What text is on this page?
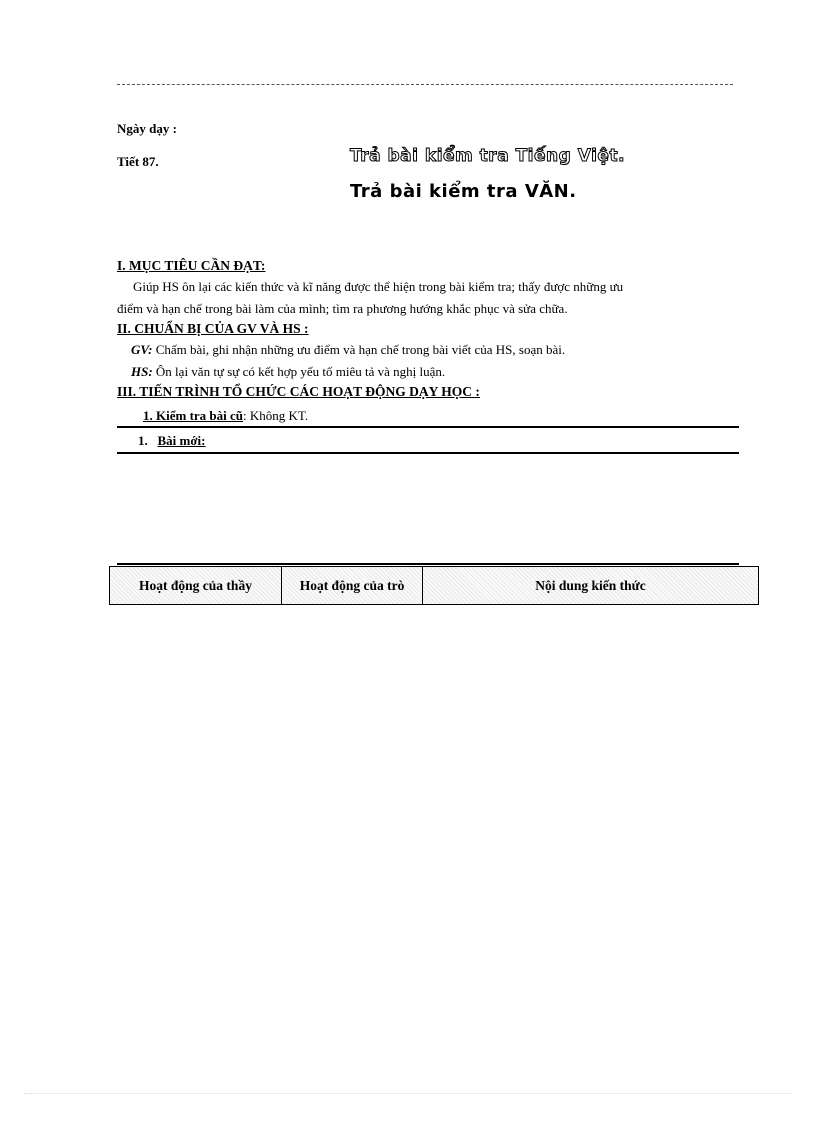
Ngày dạy :
Tiết 87.	Trả bài kiểm tra Tiếng Việt.
Trả bài kiểm tra VĂN.
I. MỤC TIÊU CẦN ĐẠT:
Giúp HS ôn lại các kiến thức và kĩ năng được thể hiện trong bài kiểm tra; thấy được những ưu
điểm và hạn chế trong bài làm của mình; tìm ra phương hướng khắc phục và sửa chữa.
II. CHUẨN BỊ CỦA GV VÀ HS :
GV: Chấm bài, ghi nhận những ưu điểm và hạn chế trong bài viết của HS, soạn bài.
HS: Ôn lại văn tự sự có kết hợp yếu tố miêu tả và nghị luận.
III. TIẾN TRÌNH TỔ CHỨC CÁC HOẠT ĐỘNG DẠY HỌC :
1. Kiểm tra bài cũ: Không KT.
1. Bài mới:
Hoạt động của thầy	Hoạt động của trò	Nội dung kiến thức
